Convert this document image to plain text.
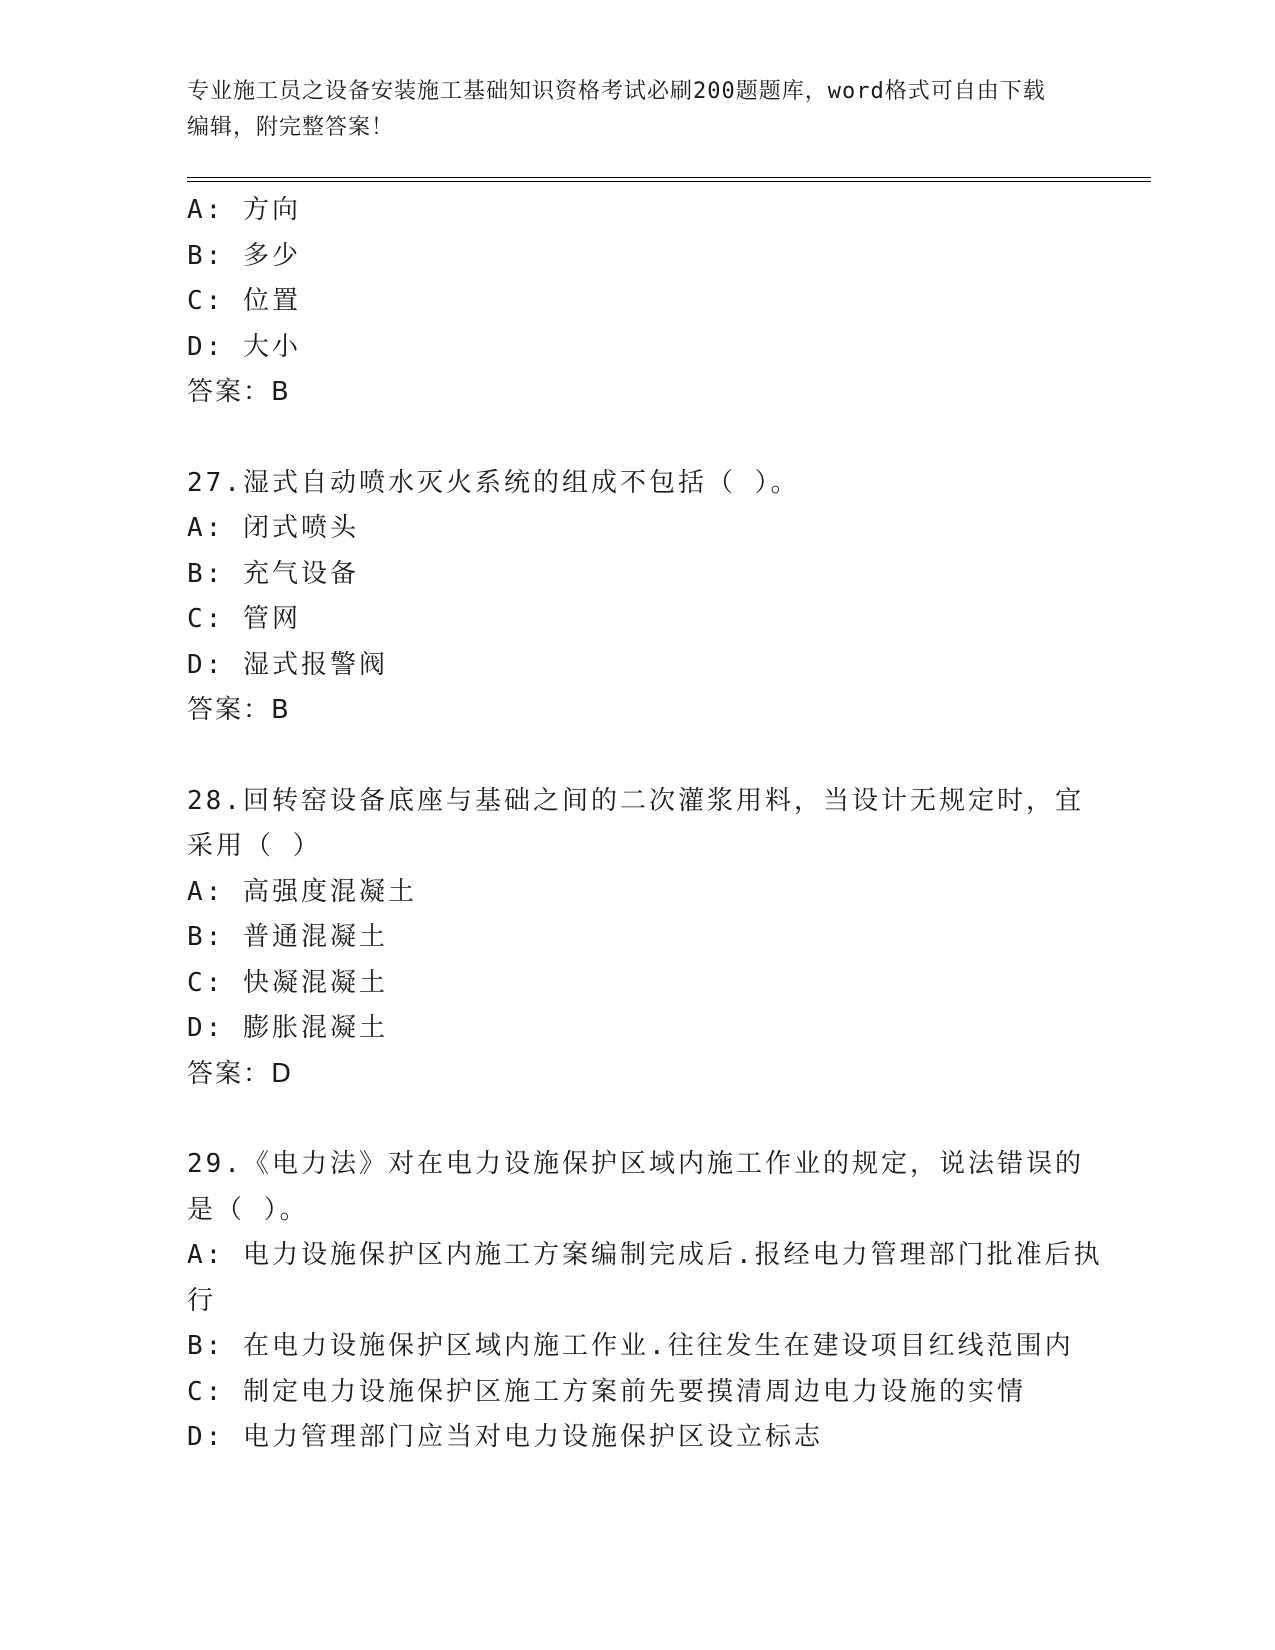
专业施工员之设备安装施工基础知识资格考试必刷200题题库，word格式可自由下载编辑，附完整答案！
A: 方向
B: 多少
C: 位置
D: 大小
答案：B
27.湿式自动喷水灭火系统的组成不包括（ ）。
A: 闭式喷头
B: 充气设备
C: 管网
D: 湿式报警阀
答案：B
28.回转窑设备底座与基础之间的二次灌浆用料，当设计无规定时，宜采用（ ）
A: 高强度混凝土
B: 普通混凝土
C: 快凝混凝土
D: 膨胀混凝土
答案：D
29.《电力法》对在电力设施保护区域内施工作业的规定，说法错误的是（ ）。
A: 电力设施保护区内施工方案编制完成后.报经电力管理部门批准后执行
B: 在电力设施保护区域内施工作业.往往发生在建设项目红线范围内
C: 制定电力设施保护区施工方案前先要摸清周边电力设施的实情
D: 电力管理部门应当对电力设施保护区设立标志
